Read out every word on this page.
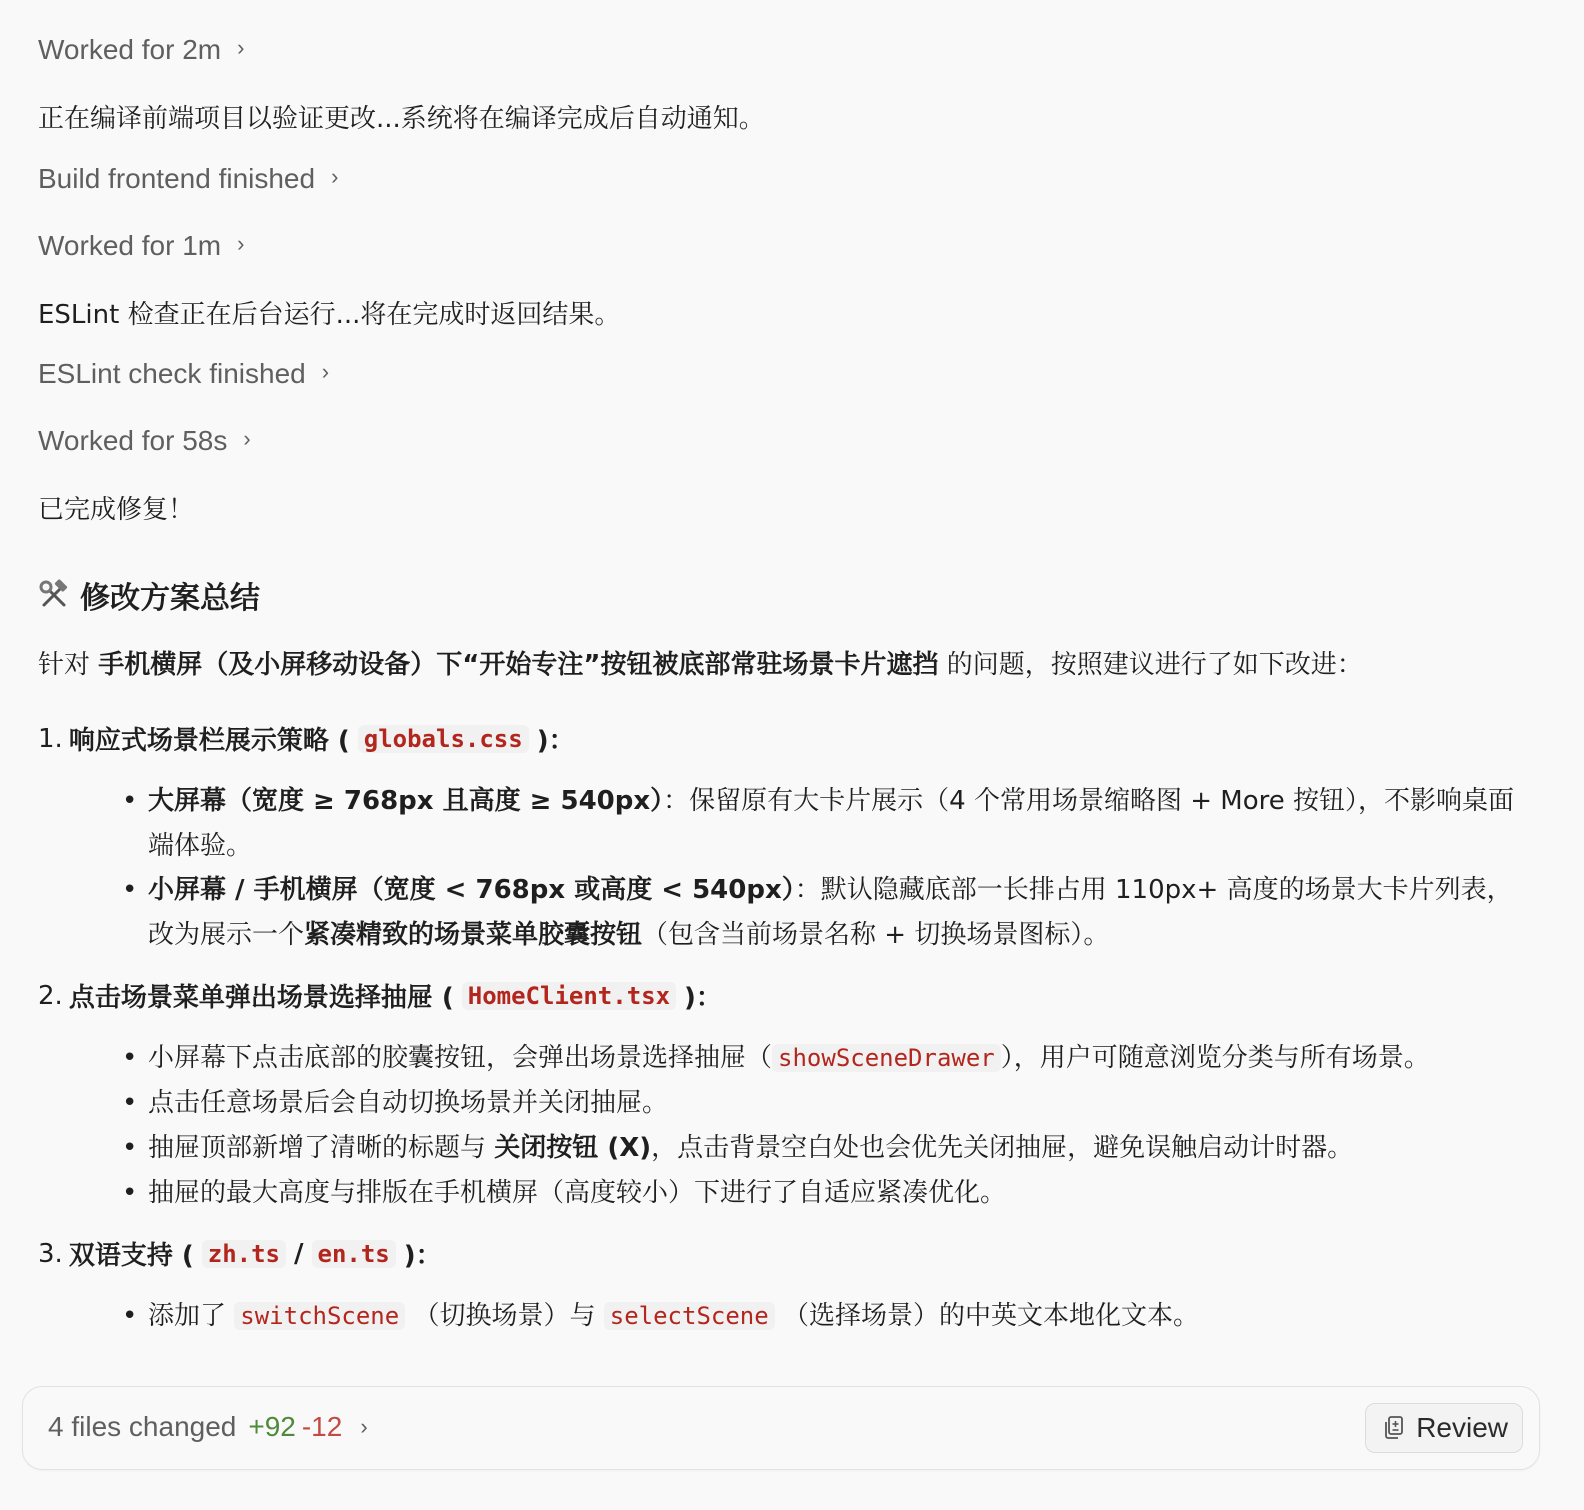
Worked for 2m ›
正在编译前端项目以验证更改...系统将在编译完成后自动通知。
Build frontend finished ›
Worked for 1m ›
ESLint 检查正在后台运行...将在完成时返回结果。
ESLint check finished ›
Worked for 58s ›
已完成修复！
修改方案总结
针对 手机横屏（及小屏移动设备）下“开始专注”按钮被底部常驻场景卡片遮挡 的问题，按照建议进行了如下改进：
1. 响应式场景栏展示策略 ( globals.css )：
• 大屏幕（宽度 ≥ 768px 且高度 ≥ 540px）：保留原有大卡片展示（4 个常用场景缩略图 + More 按钮），不影响桌面端体验。
• 小屏幕 / 手机横屏（宽度 < 768px 或高度 < 540px）：默认隐藏底部一长排占用 110px+ 高度的场景大卡片列表，改为展示一个紧凑精致的场景菜单胶囊按钮（包含当前场景名称 + 切换场景图标）。
2. 点击场景菜单弹出场景选择抽屉 ( HomeClient.tsx )：
• 小屏幕下点击底部的胶囊按钮，会弹出场景选择抽屉（ showSceneDrawer ），用户可随意浏览分类与所有场景。
• 点击任意场景后会自动切换场景并关闭抽屉。
• 抽屉顶部新增了清晰的标题与 关闭按钮 (X)，点击背景空白处也会优先关闭抽屉，避免误触启动计时器。
• 抽屉的最大高度与排版在手机横屏（高度较小）下进行了自适应紧凑优化。
3. 双语支持 ( zh.ts / en.ts )：
• 添加了 switchScene （切换场景）与 selectScene （选择场景）的中英文本地化文本。
4 files changed +92 -12 ›	Review
